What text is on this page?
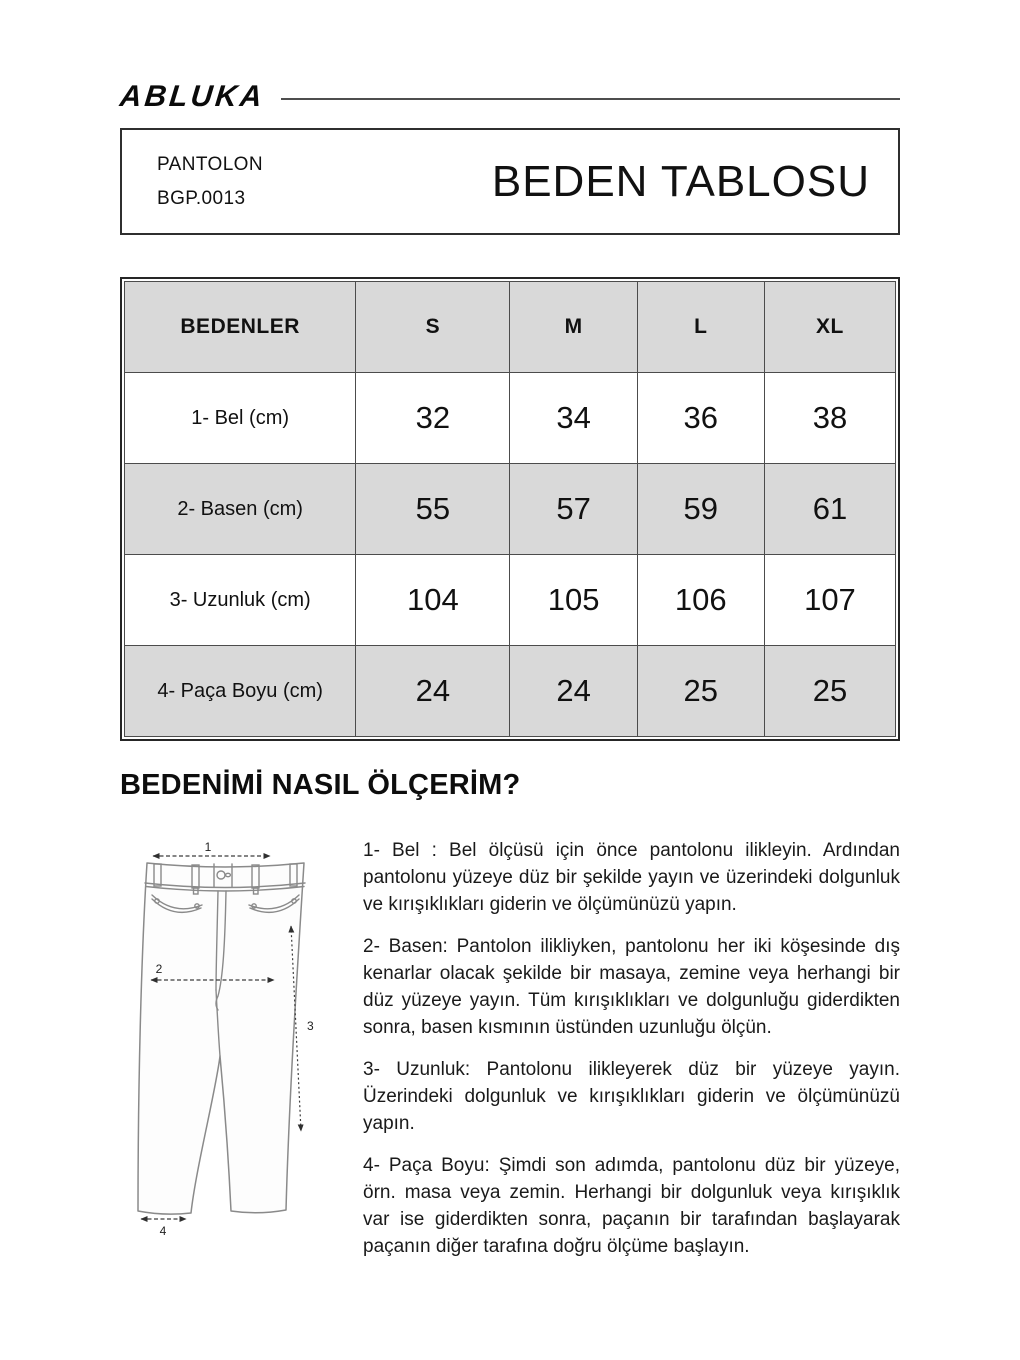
ABLUKA

PANTOLON

BGP.0013	BEDEN TABLOSU
BEDENLER	S	M	L	XL
1- Bel (cm)	32	34	36	38
2- Basen (cm)	55	57	59	61
3- Uzunluk (cm)	104	105	106	107
4- Paça Boyu (cm)	24	24	25	25
BEDENİMİ NASIL ÖLÇERİM?
1
2
3
4

1- Bel : Bel ölçüsü için önce pantolonu ilikleyin. Ardından pantolonu yüzeye düz bir şekilde yayın ve üzerindeki dolgunluk ve kırışıklıkları giderin ve ölçümünüzü yapın.

2- Basen: Pantolon ilikliyken, pantolonu her iki köşesinde dış kenarlar olacak şekilde bir masaya, zemine veya herhangi bir düz yüzeye yayın. Tüm kırışıklıkları ve dolgunluğu giderdikten sonra, basen kısmının üstünden uzunluğu ölçün.

3- Uzunluk: Pantolonu ilikleyerek düz bir yüzeye yayın. Üzerindeki dolgunluk ve kırışıklıkları giderin ve ölçümünüzü yapın.

4- Paça Boyu: Şimdi son adımda, pantolonu düz bir yüzeye, örn. masa veya zemin. Herhangi bir dolgunluk veya kırışıklık var ise giderdikten sonra, paçanın bir tarafından başlayarak paçanın diğer tarafına doğru ölçüme başlayın.
